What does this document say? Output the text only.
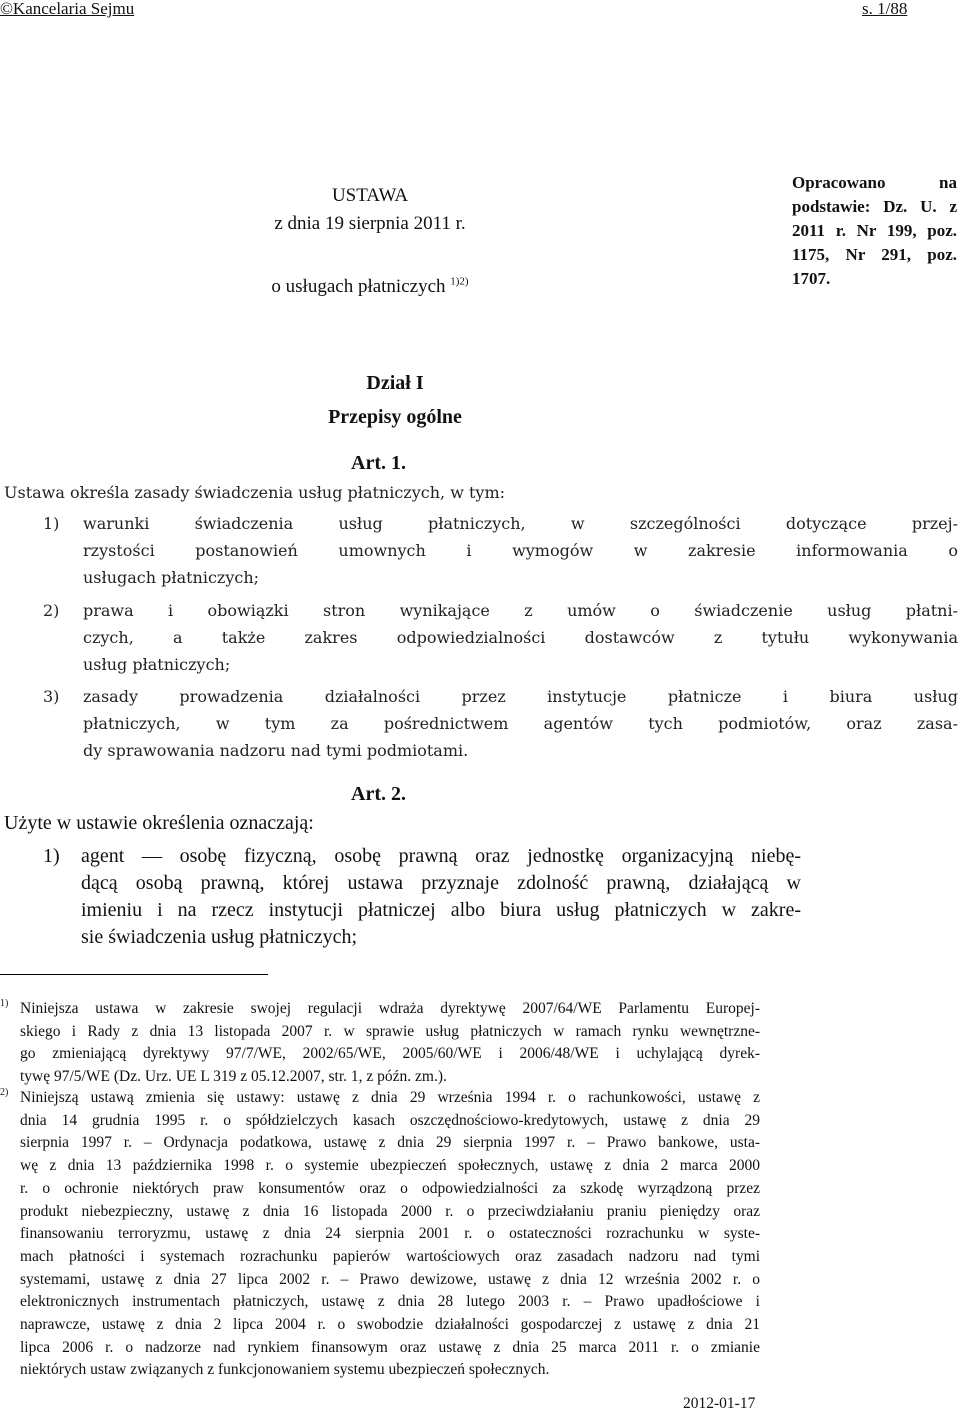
©Kancelaria Sejmu	s. 1/88
USTAWA
z dnia 19 sierpnia 2011 r.
o usługach płatniczych $^{1)2)}$
Opracowano na
podstawie: Dz. U. z
2011 r. Nr 199, poz.
1175, Nr 291, poz.
1707.
Dział I
Przepisy ogólne
Art. 1.
Ustawa określa zasady świadczenia usług płatniczych, w tym:
1) warunki świadczenia usług płatniczych, w szczególności dotyczące przej-
rzystości postanowień umownych i wymogów w zakresie informowania o
usługach płatniczych;
2) prawa i obowiązki stron wynikające z umów o świadczenie usług płatni-
czych, a także zakres odpowiedzialności dostawców z tytułu wykonywania
usług płatniczych;
3) zasady prowadzenia działalności przez instytucje płatnicze i biura usług
płatniczych, w tym za pośrednictwem agentów tych podmiotów, oraz zasa-
dy sprawowania nadzoru nad tymi podmiotami.
Art. 2.
Użyte w ustawie określenia oznaczają:
1) agent — osobę fizyczną, osobę prawną oraz jednostkę organizacyjną niebę-
dącą osobą prawną, której ustawa przyznaje zdolność prawną, działającą w
imieniu i na rzecz instytucji płatniczej albo biura usług płatniczych w zakre-
sie świadczenia usług płatniczych;
1) Niniejsza ustawa w zakresie swojej regulacji wdraża dyrektywę 2007/64/WE Parlamentu Europej-
skiego i Rady z dnia 13 listopada 2007 r. w sprawie usług płatniczych w ramach rynku wewnętrzne-
go zmieniającą dyrektywy 97/7/WE, 2002/65/WE, 2005/60/WE i 2006/48/WE i uchylającą dyrek-
tywę 97/5/WE (Dz. Urz. UE L 319 z 05.12.2007, str. 1, z późn. zm.).
2) Niniejszą ustawą zmienia się ustawy: ustawę z dnia 29 września 1994 r. o rachunkowości, ustawę z
dnia 14 grudnia 1995 r. o spółdzielczych kasach oszczędnościowo-kredytowych, ustawę z dnia 29
sierpnia 1997 r. – Ordynacja podatkowa, ustawę z dnia 29 sierpnia 1997 r. – Prawo bankowe, usta-
wę z dnia 13 października 1998 r. o systemie ubezpieczeń społecznych, ustawę z dnia 2 marca 2000
r. o ochronie niektórych praw konsumentów oraz o odpowiedzialności za szkodę wyrządzoną przez
produkt niebezpieczny, ustawę z dnia 16 listopada 2000 r. o przeciwdziałaniu praniu pieniędzy oraz
finansowaniu terroryzmu, ustawę z dnia 24 sierpnia 2001 r. o ostateczności rozrachunku w syste-
mach płatności i systemach rozrachunku papierów wartościowych oraz zasadach nadzoru nad tymi
systemami, ustawę z dnia 27 lipca 2002 r. – Prawo dewizowe, ustawę z dnia 12 września 2002 r. o
elektronicznych instrumentach płatniczych, ustawę z dnia 28 lutego 2003 r. – Prawo upadłościowe i
naprawcze, ustawę z dnia 2 lipca 2004 r. o swobodzie działalności gospodarczej z ustawę z dnia 21
lipca 2006 r. o nadzorze nad rynkiem finansowym oraz ustawę z dnia 25 marca 2011 r. o zmianie
niektórych ustaw związanych z funkcjonowaniem systemu ubezpieczeń społecznych.
2012-01-17
